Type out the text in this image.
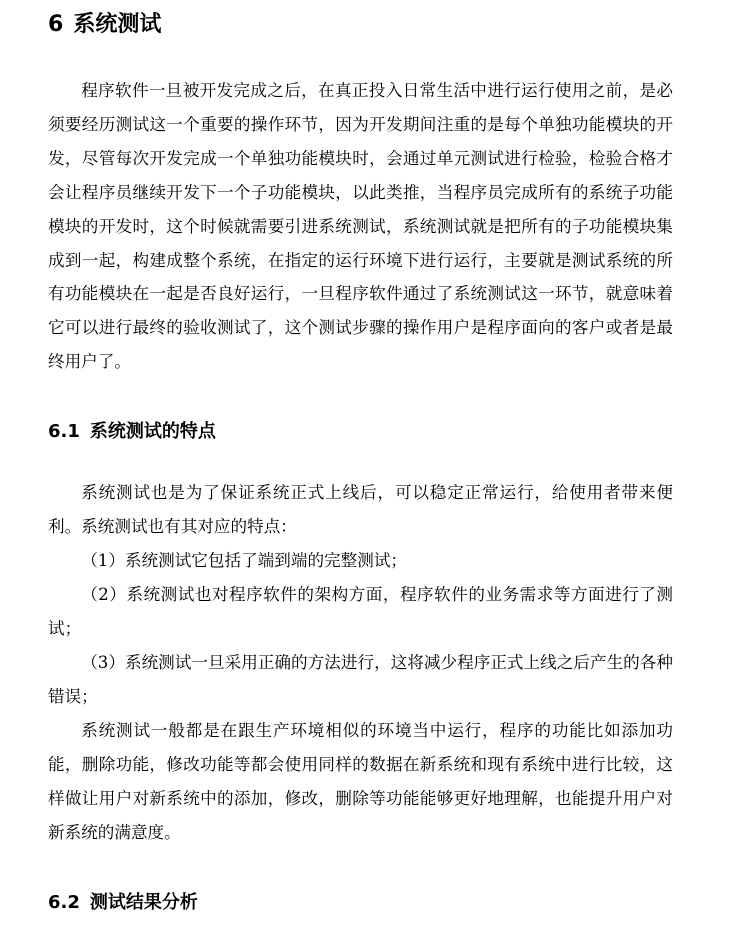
6 系统测试

程序软件一旦被开发完成之后，在真正投入日常生活中进行运行使用之前，是必须要经历测试这一个重要的操作环节，因为开发期间注重的是每个单独功能模块的开发，尽管每次开发完成一个单独功能模块时，会通过单元测试进行检验，检验合格才会让程序员继续开发下一个子功能模块，以此类推，当程序员完成所有的系统子功能模块的开发时，这个时候就需要引进系统测试，系统测试就是把所有的子功能模块集成到一起，构建成整个系统，在指定的运行环境下进行运行，主要就是测试系统的所有功能模块在一起是否良好运行，一旦程序软件通过了系统测试这一环节，就意味着它可以进行最终的验收测试了，这个测试步骤的操作用户是程序面向的客户或者是最终用户了。

6.1 系统测试的特点

系统测试也是为了保证系统正式上线后，可以稳定正常运行，给使用者带来便利。系统测试也有其对应的特点：

（1）系统测试它包括了端到端的完整测试；

（2）系统测试也对程序软件的架构方面，程序软件的业务需求等方面进行了测试；

（3）系统测试一旦采用正确的方法进行，这将减少程序正式上线之后产生的各种错误；

系统测试一般都是在跟生产环境相似的环境当中运行，程序的功能比如添加功能，删除功能，修改功能等都会使用同样的数据在新系统和现有系统中进行比较，这样做让用户对新系统中的添加，修改，删除等功能能够更好地理解，也能提升用户对新系统的满意度。

6.2 测试结果分析
